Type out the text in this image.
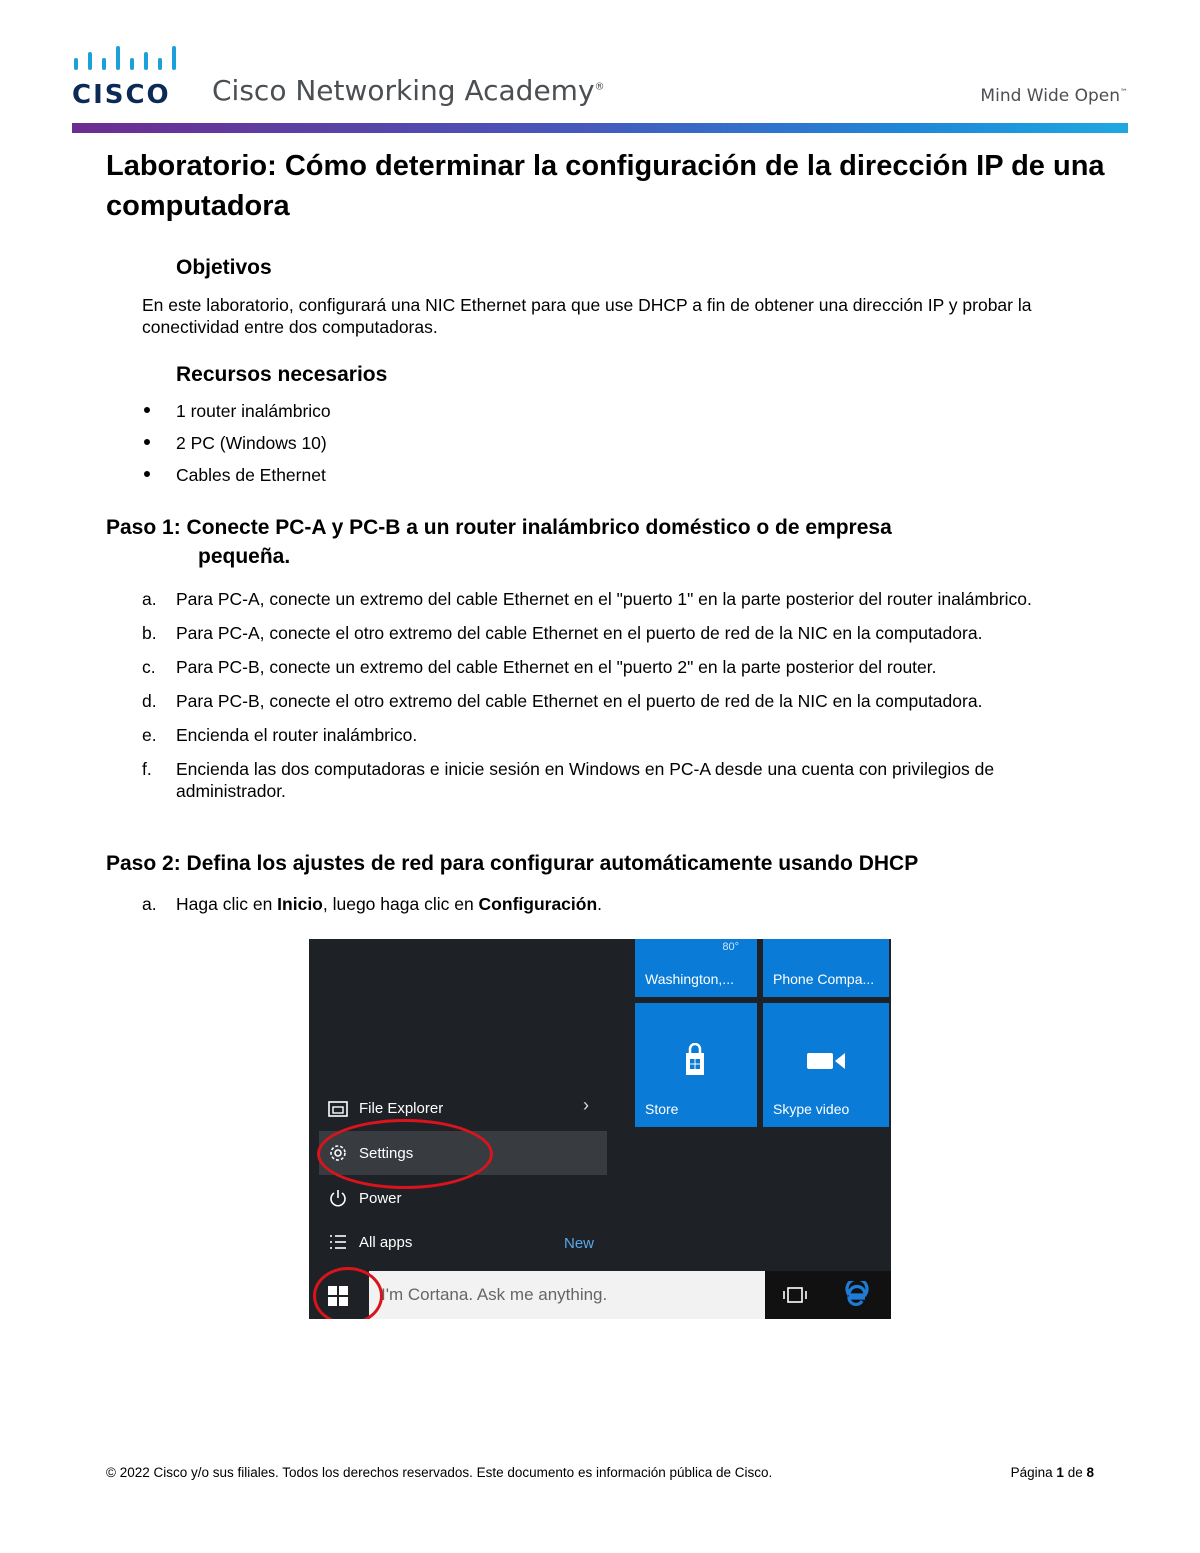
CISCO Cisco Networking Academy®	Mind Wide Open™
Laboratorio: Cómo determinar la configuración de la dirección IP de una computadora
Objetivos

En este laboratorio, configurará una NIC Ethernet para que use DHCP a fin de obtener una dirección IP y probar la conectividad entre dos computadoras.

Recursos necesarios
1 router inalámbrico
2 PC (Windows 10)
Cables de Ethernet
Paso 1: Conecte PC-A y PC-B a un router inalámbrico doméstico o de empresa
pequeña.
a. Para PC-A, conecte un extremo del cable Ethernet en el "puerto 1" en la parte posterior del router inalámbrico.
b. Para PC-A, conecte el otro extremo del cable Ethernet en el puerto de red de la NIC en la computadora.
c. Para PC-B, conecte un extremo del cable Ethernet en el "puerto 2" en la parte posterior del router.
d. Para PC-B, conecte el otro extremo del cable Ethernet en el puerto de red de la NIC en la computadora.
e. Encienda el router inalámbrico.
f. Encienda las dos computadoras e inicie sesión en Windows en PC-A desde una cuenta con privilegios de administrador.
Paso 2: Defina los ajustes de red para configurar automáticamente usando DHCP
a. Haga clic en Inicio, luego haga clic en Configuración.
80°
Washington,...	Phone Compa...
Store	Skype video
File Explorer	›
Settings
Power
All apps	New
I'm Cortana. Ask me anything.
© 2022 Cisco y/o sus filiales. Todos los derechos reservados. Este documento es información pública de Cisco.	Página 1 de 8
